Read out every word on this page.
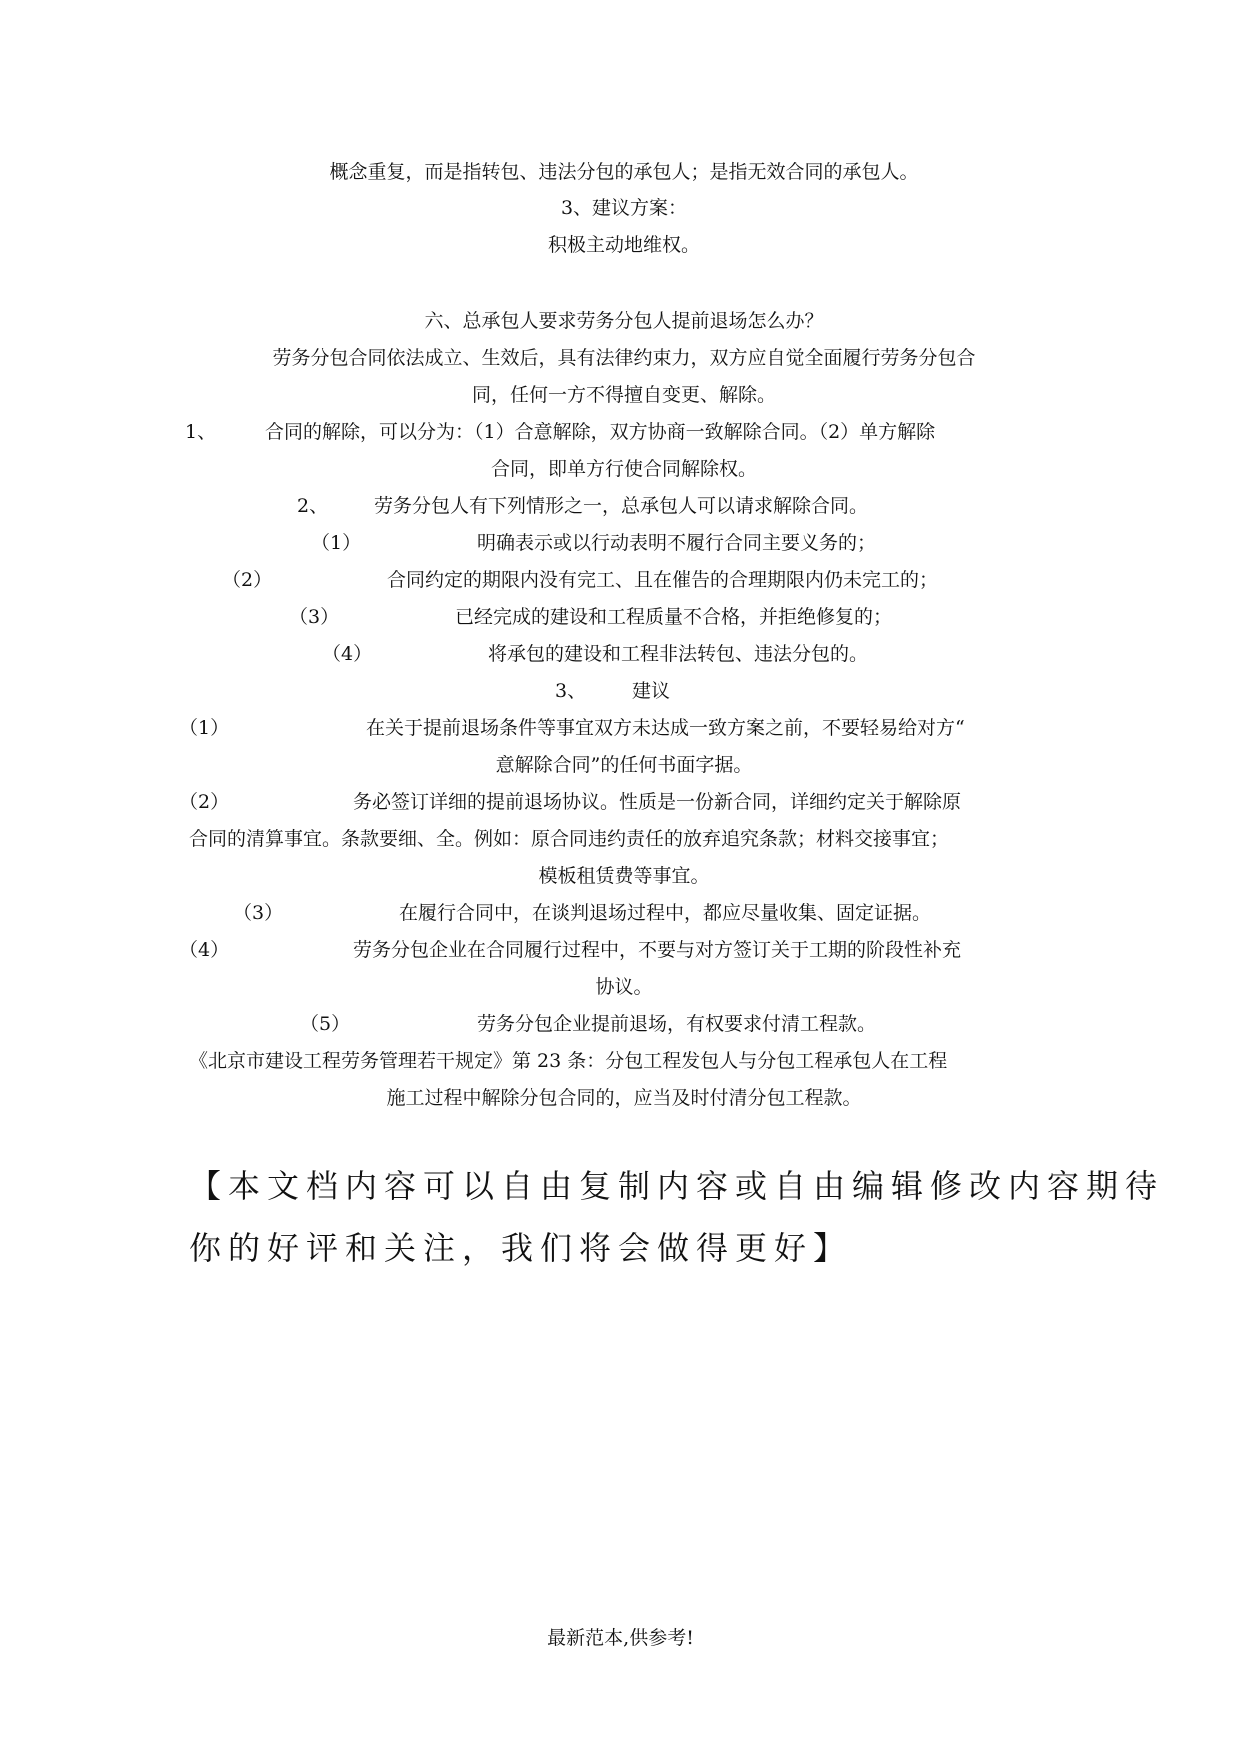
概念重复，而是指转包、违法分包的承包人；是指无效合同的承包人。
3、建议方案：
积极主动地维权。
六、总承包人要求劳务分包人提前退场怎么办？
劳务分包合同依法成立、生效后，具有法律约束力，双方应自觉全面履行劳务分包合
同，任何一方不得擅自变更、解除。
1、	合同的解除，可以分为：（1）合意解除，双方协商一致解除合同。（2）单方解除
合同，即单方行使合同解除权。
2、 劳务分包人有下列情形之一，总承包人可以请求解除合同。
（1）	明确表示或以行动表明不履行合同主要义务的；
（2）	合同约定的期限内没有完工、且在催告的合理期限内仍未完工的；
（3）	已经完成的建设和工程质量不合格，并拒绝修复的；
（4）	将承包的建设和工程非法转包、违法分包的。
3、 建议
（1）	在关于提前退场条件等事宜双方未达成一致方案之前，不要轻易给对方“
意解除合同”的任何书面字据。
（2）	务必签订详细的提前退场协议。性质是一份新合同，详细约定关于解除原
合同的清算事宜。条款要细、全。例如：原合同违约责任的放弃追究条款；材料交接事宜；
模板租赁费等事宜。
（3）	在履行合同中，在谈判退场过程中，都应尽量收集、固定证据。
（4）	劳务分包企业在合同履行过程中，不要与对方签订关于工期的阶段性补充
协议。
（5）	劳务分包企业提前退场，有权要求付清工程款。
《北京市建设工程劳务管理若干规定》第 23 条：分包工程发包人与分包工程承包人在工程
施工过程中解除分包合同的，应当及时付清分包工程款。
【本文档内容可以自由复制内容或自由编辑修改内容期待
你的好评和关注，我们将会做得更好】
最新范本,供参考!
